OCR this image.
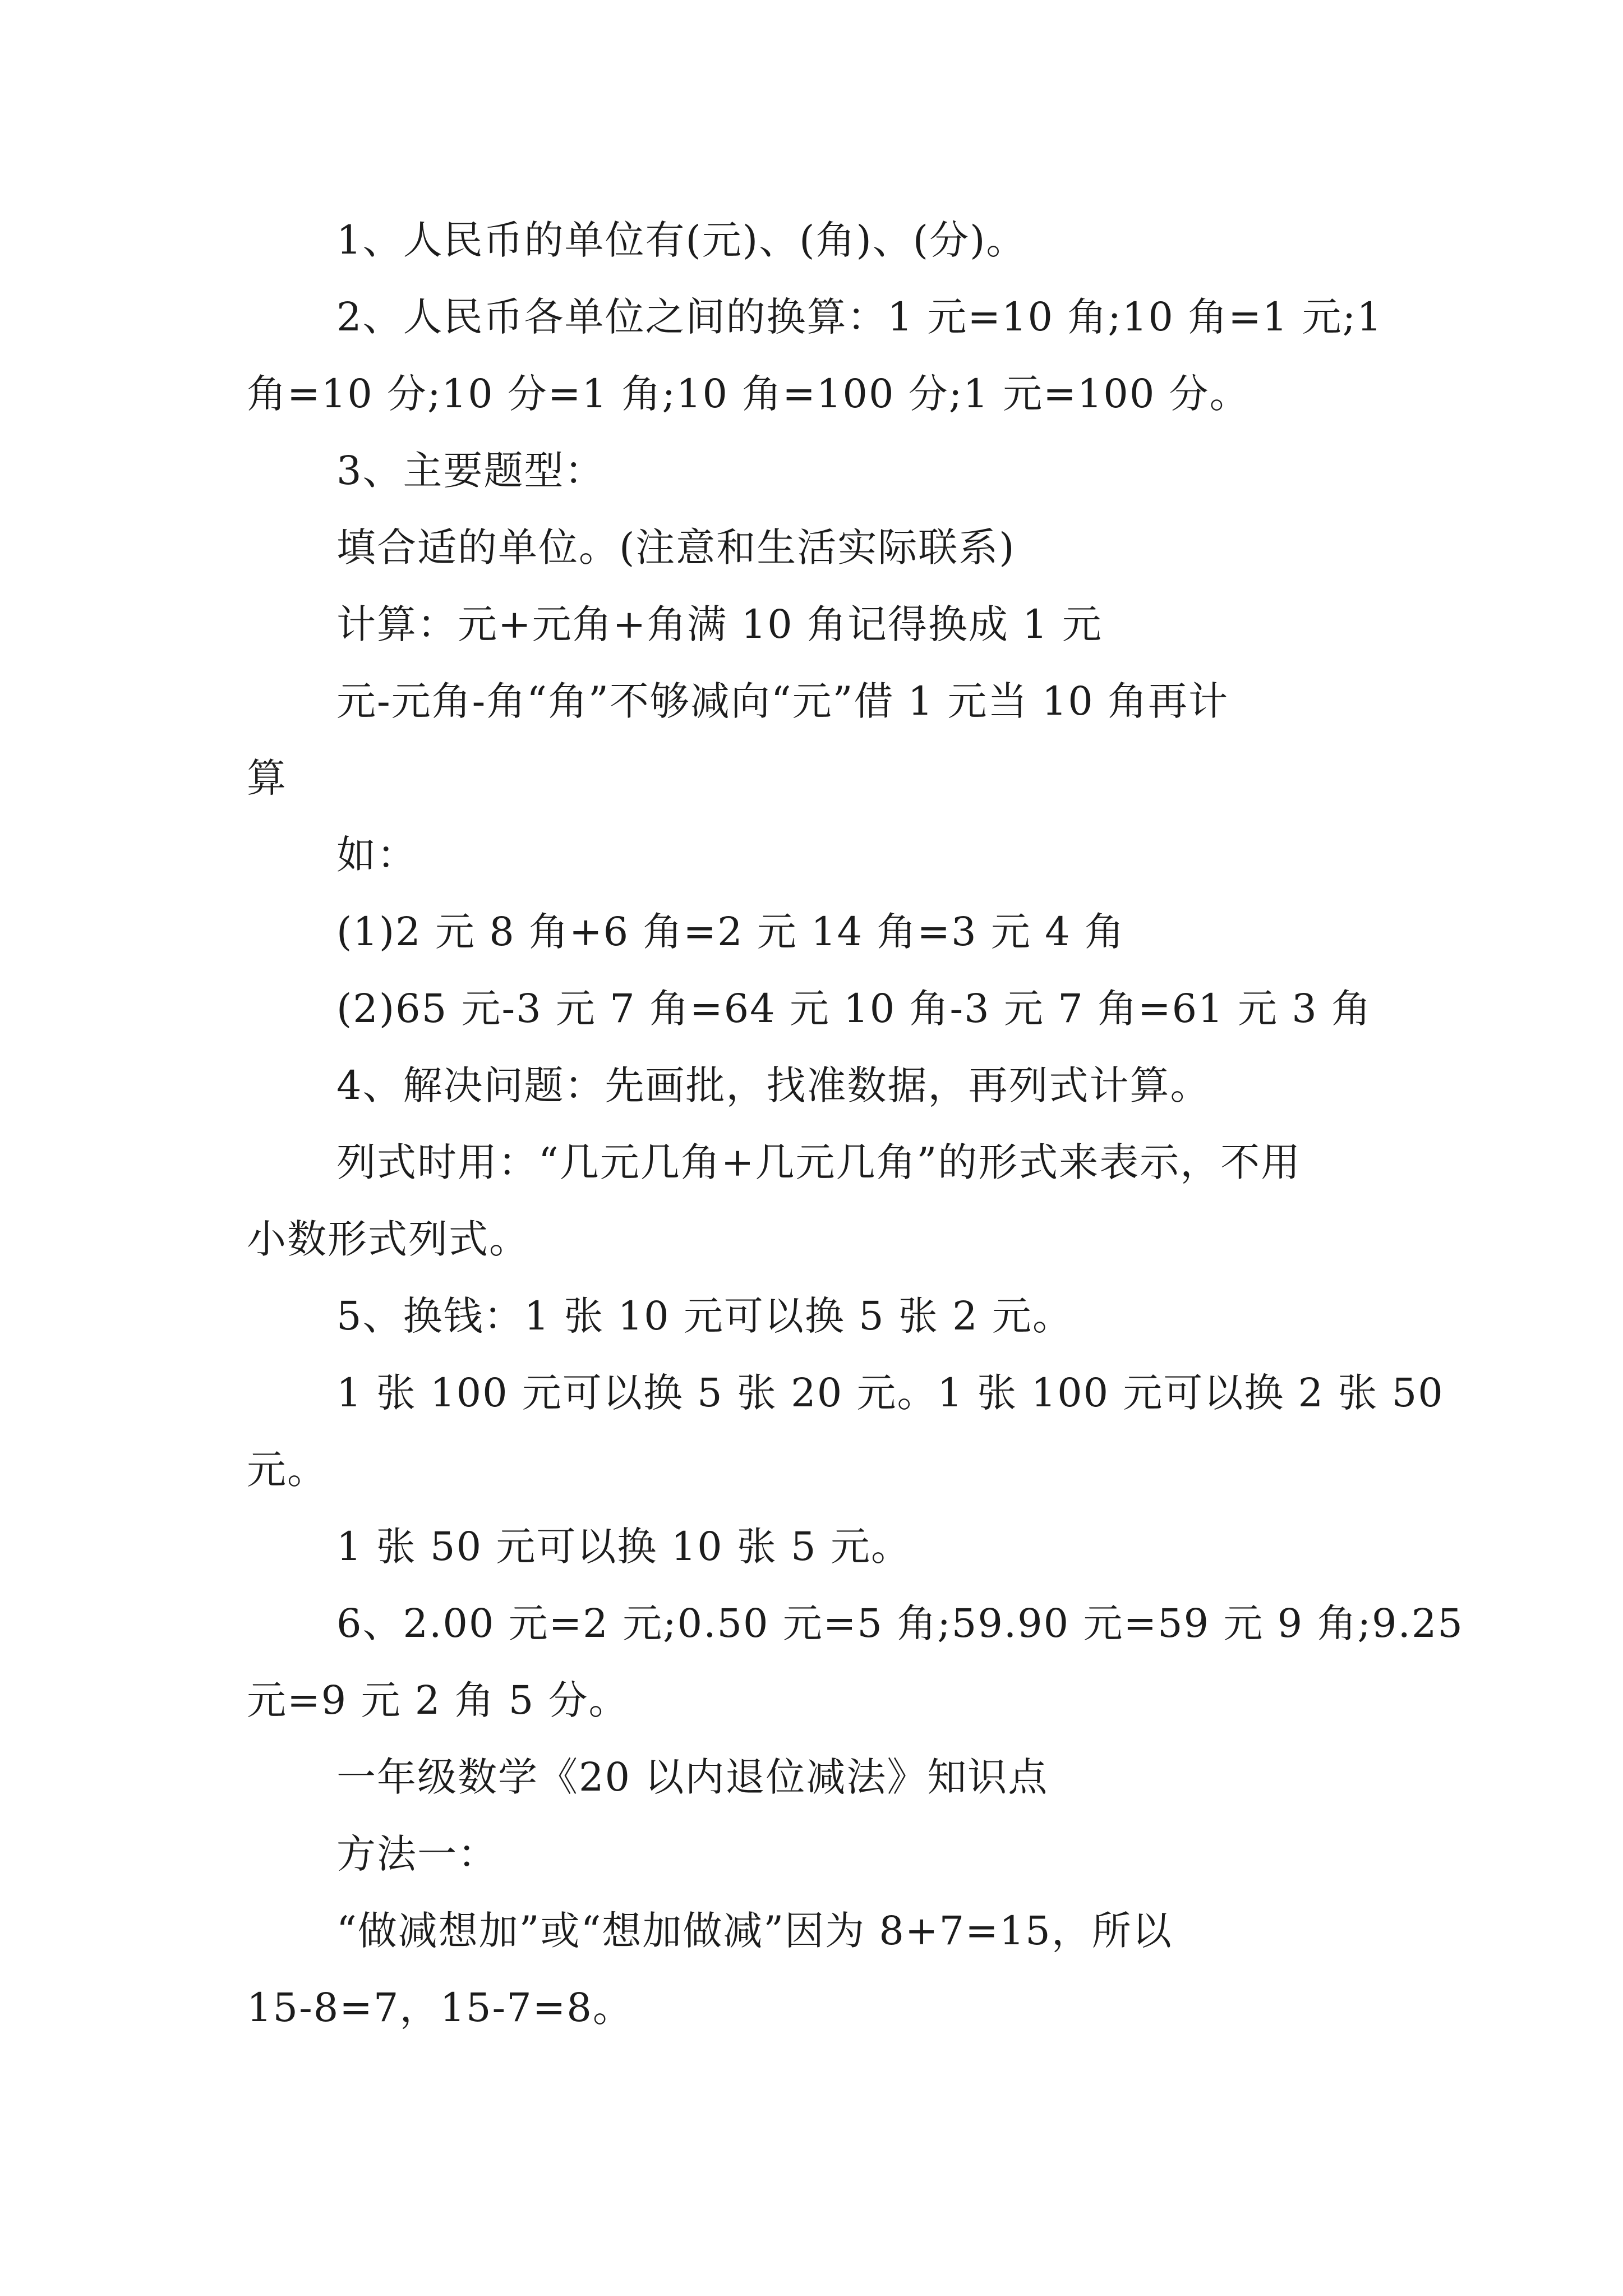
1、人民币的单位有(元)、(角)、(分)。

2、人民币各单位之间的换算：1 元=10 角;10 角=1 元;1

角=10 分;10 分=1 角;10 角=100 分;1 元=100 分。

3、主要题型：

填合适的单位。(注意和生活实际联系)

计算：元+元角+角满 10 角记得换成 1 元

元-元角-角“角”不够减向“元”借 1 元当 10 角再计

算

如：

(1)2 元 8 角+6 角=2 元 14 角=3 元 4 角

(2)65 元-3 元 7 角=64 元 10 角-3 元 7 角=61 元 3 角

4、解决问题：先画批，找准数据，再列式计算。

列式时用：“几元几角+几元几角”的形式来表示，不用

小数形式列式。

5、换钱：1 张 10 元可以换 5 张 2 元。

1 张 100 元可以换 5 张 20 元。1 张 100 元可以换 2 张 50

元。

1 张 50 元可以换 10 张 5 元。

6、2.00 元=2 元;0.50 元=5 角;59.90 元=59 元 9 角;9.25

元=9 元 2 角 5 分。

一年级数学《20 以内退位减法》知识点

方法一：

“做减想加”或“想加做减”因为 8+7=15，所以

15-8=7，15-7=8。
